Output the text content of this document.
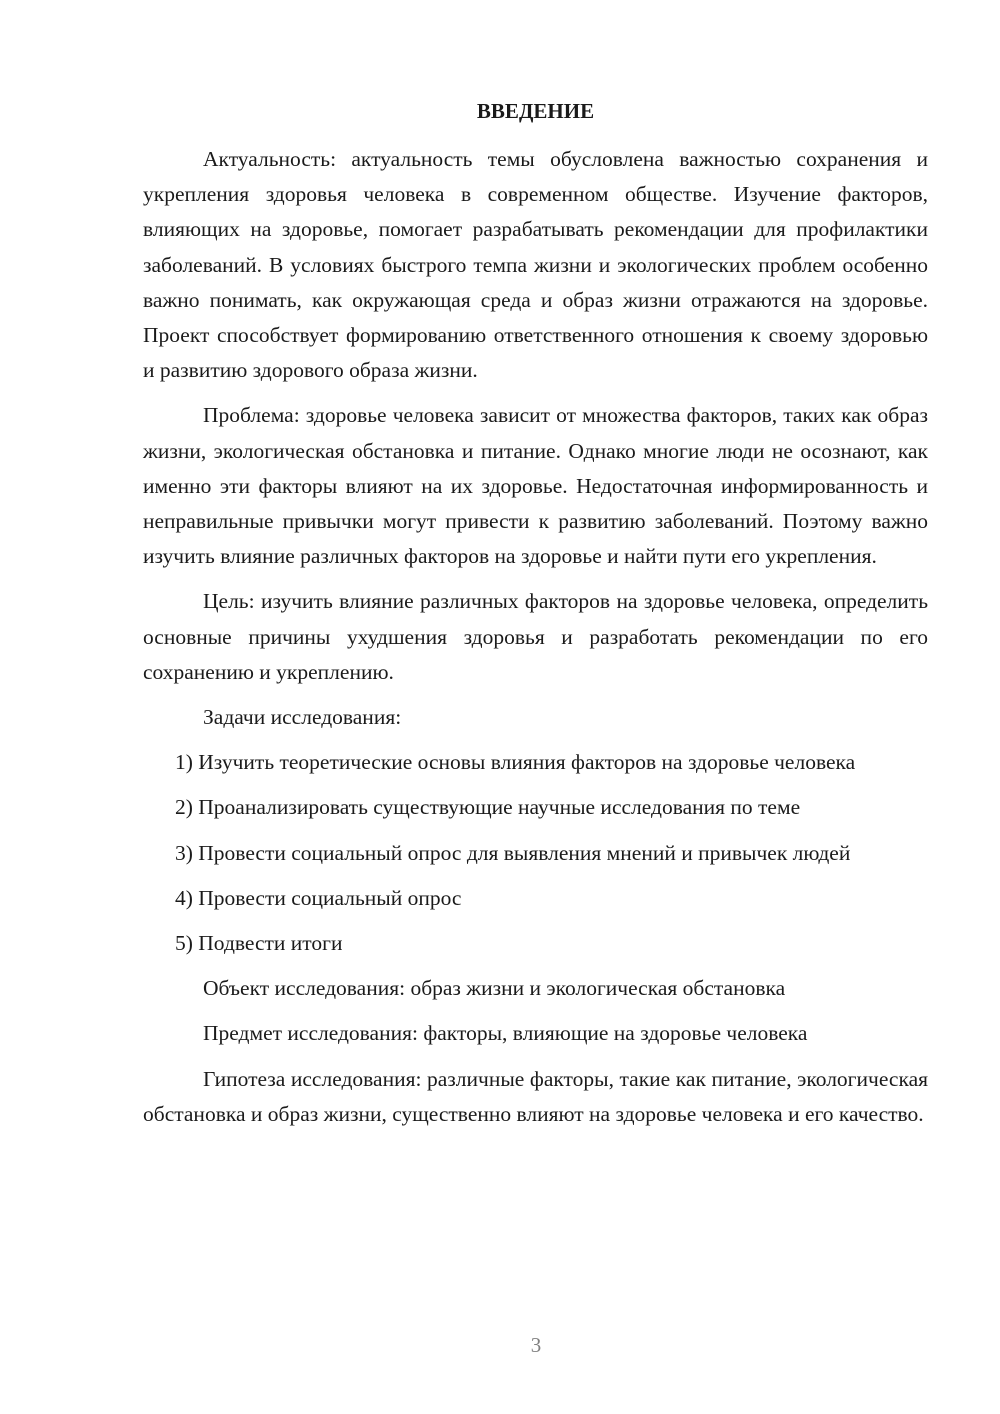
ВВЕДЕНИЕ

Актуальность: актуальность темы обусловлена важностью сохранения и укрепления здоровья человека в современном обществе. Изучение факторов, влияющих на здоровье, помогает разрабатывать рекомендации для профилактики заболеваний. В условиях быстрого темпа жизни и экологических проблем особенно важно понимать, как окружающая среда и образ жизни отражаются на здоровье. Проект способствует формированию ответственного отношения к своему здоровью и развитию здорового образа жизни.

Проблема: здоровье человека зависит от множества факторов, таких как образ жизни, экологическая обстановка и питание. Однако многие люди не осознают, как именно эти факторы влияют на их здоровье. Недостаточная информированность и неправильные привычки могут привести к развитию заболеваний. Поэтому важно изучить влияние различных факторов на здоровье и найти пути его укрепления.

Цель: изучить влияние различных факторов на здоровье человека, определить основные причины ухудшения здоровья и разработать рекомендации по его сохранению и укреплению.

Задачи исследования:

1) Изучить теоретические основы влияния факторов на здоровье человека

2) Проанализировать существующие научные исследования по теме

3) Провести социальный опрос для выявления мнений и привычек людей

4) Провести социальный опрос

5) Подвести итоги

Объект исследования: образ жизни и экологическая обстановка

Предмет исследования: факторы, влияющие на здоровье человека

Гипотеза исследования: различные факторы, такие как питание, экологическая обстановка и образ жизни, существенно влияют на здоровье человека и его качество.

3
